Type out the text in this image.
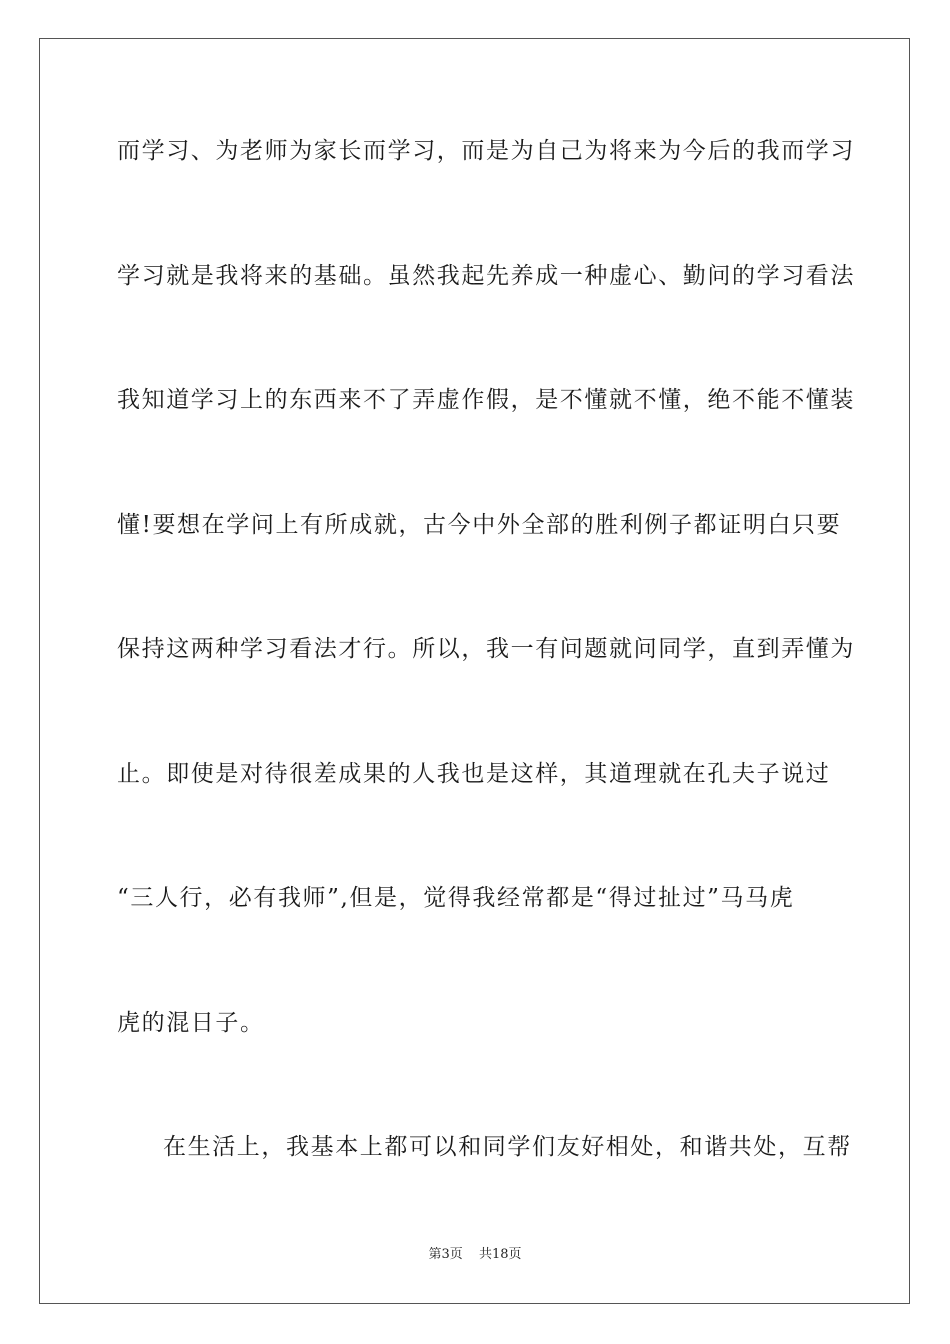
而学习、为老师为家长而学习，而是为自己为将来为今后的我而学习
学习就是我将来的基础。虽然我起先养成一种虚心、勤问的学习看法
我知道学习上的东西来不了弄虚作假，是不懂就不懂，绝不能不懂装
懂!要想在学问上有所成就，古今中外全部的胜利例子都证明白只要
保持这两种学习看法才行。所以，我一有问题就问同学，直到弄懂为
止。即使是对待很差成果的人我也是这样，其道理就在孔夫子说过
“三人行，必有我师”,但是，觉得我经常都是“得过扯过”马马虎
虎的混日子。
在生活上，我基本上都可以和同学们友好相处，和谐共处，互帮
第3页 共18页
